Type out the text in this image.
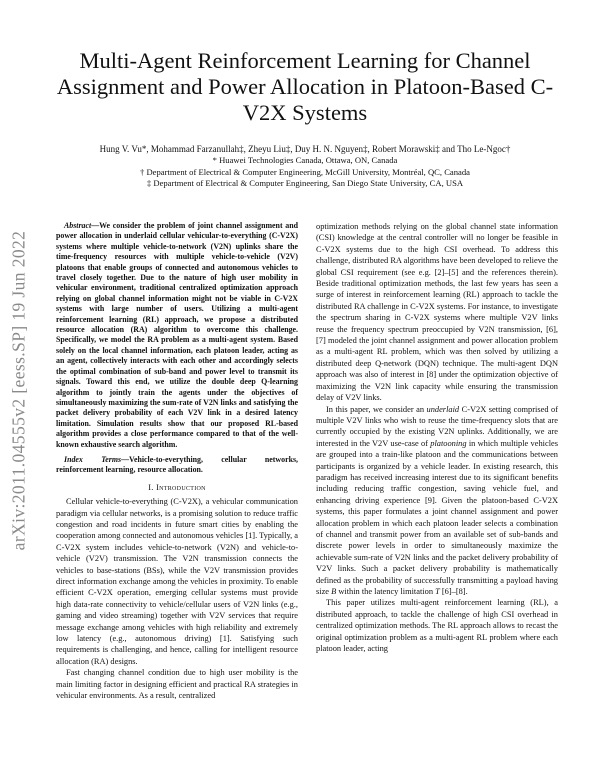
arXiv:2011.04555v2 [eess.SP] 19 Jun 2022
Multi-Agent Reinforcement Learning for Channel Assignment and Power Allocation in Platoon-Based C-V2X Systems
Hung V. Vu*, Mohammad Farzanullah‡, Zheyu Liu‡, Duy H. N. Nguyen‡, Robert Morawski‡ and Tho Le-Ngoc†
* Huawei Technologies Canada, Ottawa, ON, Canada
† Department of Electrical & Computer Engineering, McGill University, Montréal, QC, Canada
‡ Department of Electrical & Computer Engineering, San Diego State University, CA, USA

Abstract—We consider the problem of joint channel assignment and power allocation in underlaid cellular vehicular-to-everything (C-V2X) systems where multiple vehicle-to-network (V2N) uplinks share the time-frequency resources with multiple vehicle-to-vehicle (V2V) platoons that enable groups of connected and autonomous vehicles to travel closely together. Due to the nature of high user mobility in vehicular environment, traditional centralized optimization approach relying on global channel information might not be viable in C-V2X systems with large number of users. Utilizing a multi-agent reinforcement learning (RL) approach, we propose a distributed resource allocation (RA) algorithm to overcome this challenge. Specifically, we model the RA problem as a multi-agent system. Based solely on the local channel information, each platoon leader, acting as an agent, collectively interacts with each other and accordingly selects the optimal combination of sub-band and power level to transmit its signals. Toward this end, we utilize the double deep Q-learning algorithm to jointly train the agents under the objectives of simultaneously maximizing the sum-rate of V2N links and satisfying the packet delivery probability of each V2V link in a desired latency limitation. Simulation results show that our proposed RL-based algorithm provides a close performance compared to that of the well-known exhaustive search algorithm.

Index Terms—Vehicle-to-everything, cellular networks, reinforcement learning, resource allocation.

I. Introduction

Cellular vehicle-to-everything (C-V2X), a vehicular communication paradigm via cellular networks, is a promising solution to reduce traffic congestion and road incidents in future smart cities by enabling the cooperation among connected and autonomous vehicles [1]. Typically, a C-V2X system includes vehicle-to-network (V2N) and vehicle-to-vehicle (V2V) transmission. The V2N transmission connects the vehicles to base-stations (BSs), while the V2V transmission provides direct information exchange among the vehicles in proximity. To enable efficient C-V2X operation, emerging cellular systems must provide high data-rate connectivity to vehicle/cellular users of V2N links (e.g., gaming and video streaming) together with V2V services that require message exchange among vehicles with high reliability and extremely low latency (e.g., autonomous driving) [1]. Satisfying such requirements is challenging, and hence, calling for intelligent resource allocation (RA) designs.

Fast changing channel condition due to high user mobility is the main limiting factor in designing efficient and practical RA strategies in vehicular environments. As a result, centralized

optimization methods relying on the global channel state information (CSI) knowledge at the central controller will no longer be feasible in C-V2X systems due to the high CSI overhead. To address this challenge, distributed RA algorithms have been developed to relieve the global CSI requirement (see e.g. [2]–[5] and the references therein). Beside traditional optimization methods, the last few years has seen a surge of interest in reinforcement learning (RL) approach to tackle the distributed RA challenge in C-V2X systems. For instance, to investigate the spectrum sharing in C-V2X systems where multiple V2V links reuse the frequency spectrum preoccupied by V2N transmission, [6], [7] modeled the joint channel assignment and power allocation problem as a multi-agent RL problem, which was then solved by utilizing a distributed deep Q-network (DQN) technique. The multi-agent DQN approach was also of interest in [8] under the optimization objective of maximizing the V2N link capacity while ensuring the transmission delay of V2V links.

In this paper, we consider an underlaid C-V2X setting comprised of multiple V2V links who wish to reuse the time-frequency slots that are currently occupied by the existing V2N uplinks. Additionally, we are interested in the V2V use-case of platooning in which multiple vehicles are grouped into a train-like platoon and the communications between participants is organized by a vehicle leader. In existing research, this paradigm has received increasing interest due to its significant benefits including reducing traffic congestion, saving vehicle fuel, and enhancing driving experience [9]. Given the platoon-based C-V2X systems, this paper formulates a joint channel assignment and power allocation problem in which each platoon leader selects a combination of channel and transmit power from an available set of sub-bands and discrete power levels in order to simultaneously maximize the achievable sum-rate of V2N links and the packet delivery probability of V2V links. Such a packet delivery probability is mathematically defined as the probability of successfully transmitting a payload having size B within the latency limitation T [6]–[8].

This paper utilizes multi-agent reinforcement learning (RL), a distributed approach, to tackle the challenge of high CSI overhead in centralized optimization methods. The RL approach allows to recast the original optimization problem as a multi-agent RL problem where each platoon leader, acting
